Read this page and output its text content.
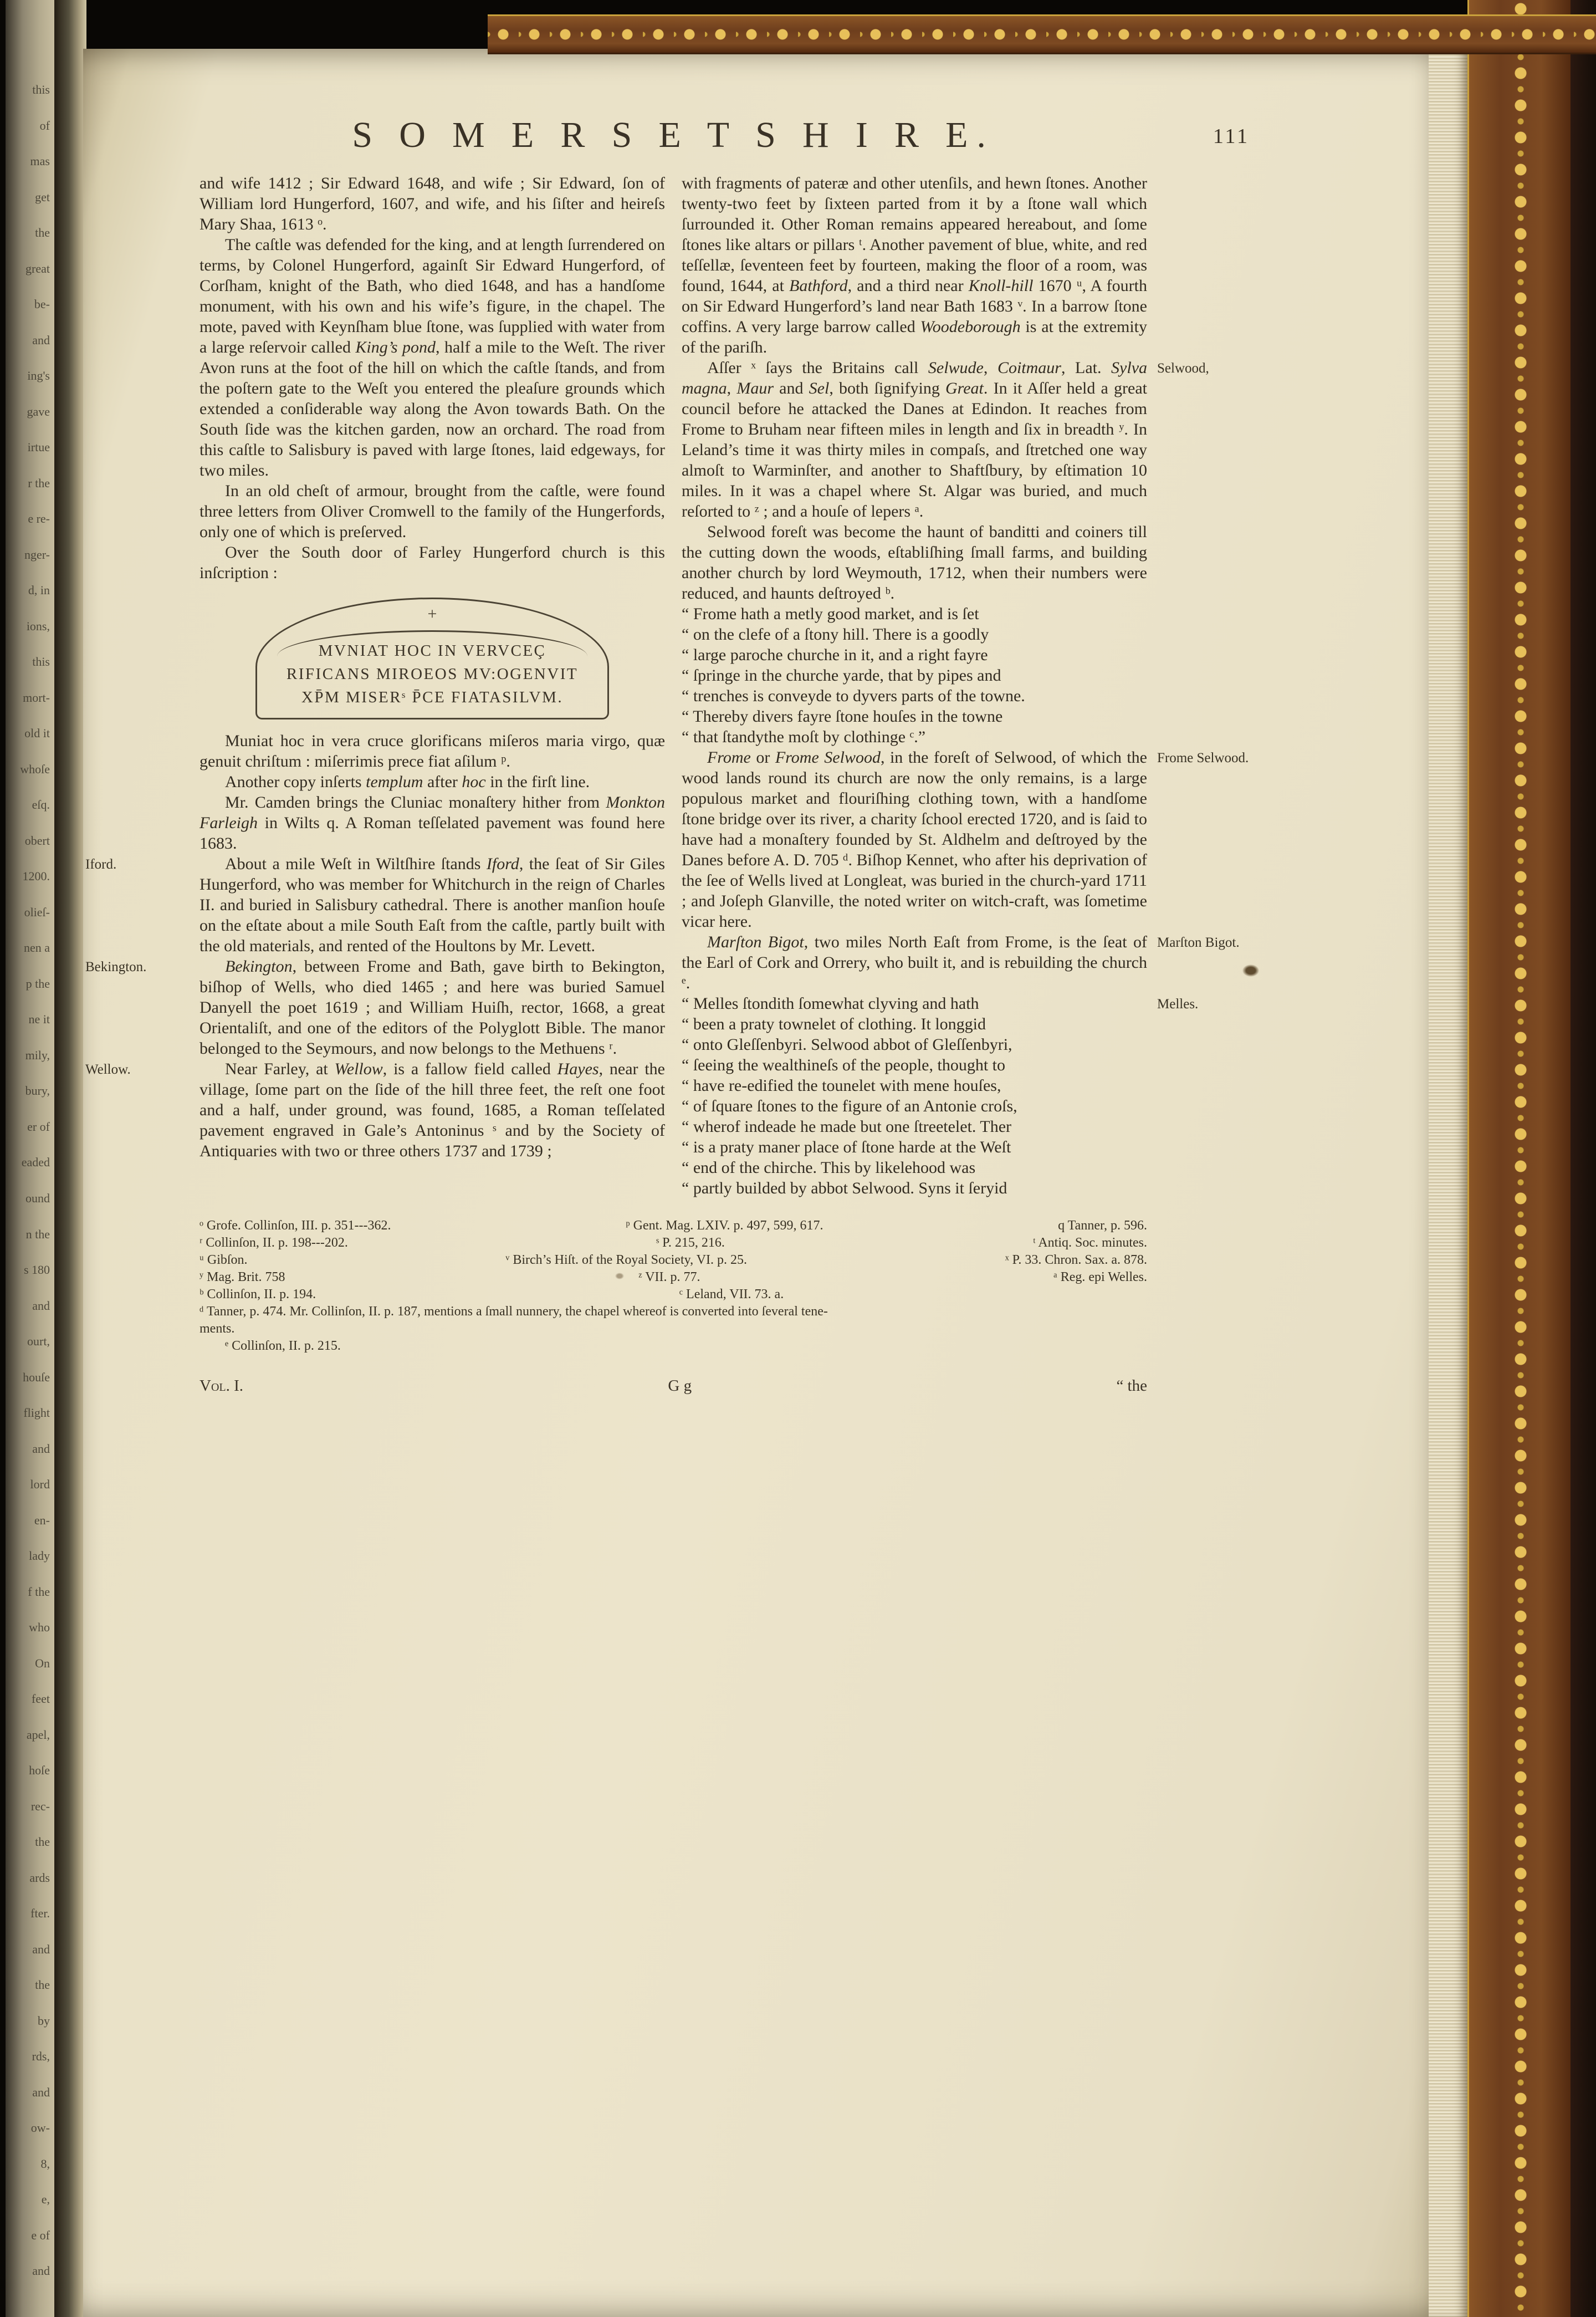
this
of
mas
get
the
great
be-
and
ing's
gave
irtue
r the
e re-
nger-
d, in
ions,
this
mort-
old it
whoſe
eſq.
obert
1200.
olieſ-
nen a
p the
ne it
mily,
bury,
er of
eaded
ound
n the
s 180
and
ourt,
houſe
flight
and
lord
en-
lady
f the
who
On
feet
apel,
hoſe
rec-
the
ards
fter.
and
the
by
rds,
and
ow-
8,
e,
e of
and
S O M E R S E T S H I R E.	111

and wife 1412 ; Sir Edward 1648, and wife ; Sir Edward, ſon of William lord Hungerford, 1607, and wife, and his ſiſter and heireſs Mary Shaa, 1613 ᵒ.

The caſtle was defended for the king, and at length ſurrendered on terms, by Colonel Hungerford, againſt Sir Edward Hungerford, of Corſham, knight of the Bath, who died 1648, and has a handſome monument, with his own and his wife’s figure, in the chapel. The mote, paved with Keynſham blue ſtone, was ſupplied with water from a large reſervoir called King’s pond, half a mile to the Weſt. The river Avon runs at the foot of the hill on which the caſtle ſtands, and from the poſtern gate to the Weſt you entered the pleaſure grounds which extended a conſiderable way along the Avon towards Bath. On the South ſide was the kitchen garden, now an orchard. The road from this caſtle to Salisbury is paved with large ſtones, laid edgeways, for two miles.

In an old cheſt of armour, brought from the caſtle, were found three letters from Oliver Cromwell to the family of the Hungerfords, only one of which is preſerved.

Over the South door of Farley Hungerford church is this inſcription :

+
MVNIAT HOC IN VERVCEÇ
RIFICANS MIROEOS MV:OGENVIT
XP̄M MISERˢ P̄CE FIATASILVM.

Muniat hoc in vera cruce glorificans miſeros maria virgo, quæ genuit chriſtum : miſerrimis prece fiat aſilum ᵖ.

Another copy inſerts templum after hoc in the firſt line.

Mr. Camden brings the Cluniac monaſtery hither from Monkton Farleigh in Wilts q. A Roman teſſelated pavement was found here 1683.

Iford.	About a mile Weſt in Wiltſhire ſtands Iford, the ſeat of Sir Giles Hungerford, who was member for Whitchurch in the reign of Charles II. and buried in Salisbury cathedral. There is another manſion houſe on the eſtate about a mile South Eaſt from the caſtle, partly built with the old materials, and rented of the Houltons by Mr. Levett.

Bekington.	Bekington, between Frome and Bath, gave birth to Bekington, biſhop of Wells, who died 1465 ; and here was buried Samuel Danyell the poet 1619 ; and William Huiſh, rector, 1668, a great Orientaliſt, and one of the editors of the Polyglott Bible. The manor belonged to the Seymours, and now belongs to the Methuens ʳ.

Wellow.	Near Farley, at Wellow, is a fallow field called Hayes, near the village, ſome part on the ſide of the hill three feet, the reſt one foot and a half, under ground, was found, 1685, a Roman teſſelated pavement engraved in Gale’s Antoninus ˢ and by the Society of Antiquaries with two or three others 1737 and 1739 ;

with fragments of pateræ and other utenſils, and hewn ſtones. Another twenty-two feet by ſixteen parted from it by a ſtone wall which ſurrounded it. Other Roman remains appeared hereabout, and ſome ſtones like altars or pillars ᵗ. Another pavement of blue, white, and red teſſellæ, ſeventeen feet by fourteen, making the floor of a room, was found, 1644, at Bathford, and a third near Knoll-hill 1670 ᵘ, A fourth on Sir Edward Hungerford’s land near Bath 1683 ᵛ. In a barrow ſtone coffins. A very large barrow called Woodeborough is at the extremity of the pariſh.

Selwood,

Aſſer ˣ ſays the Britains call Selwude, Coitmaur, Lat. Sylva magna, Maur and Sel, both ſignifying Great. In it Aſſer held a great council before he attacked the Danes at Edindon. It reaches from Frome to Bruham near fifteen miles in length and ſix in breadth ʸ. In Leland’s time it was thirty miles in compaſs, and ſtretched one way almoſt to Warminſter, and another to Shaftſbury, by eſtimation 10 miles. In it was a chapel where St. Algar was buried, and much reſorted to ᶻ ; and a houſe of lepers ᵃ.

Selwood foreſt was become the haunt of banditti and coiners till the cutting down the woods, eſtabliſhing ſmall farms, and building another church by lord Weymouth, 1712, when their numbers were reduced, and haunts deſtroyed ᵇ.

“ Frome hath a metly good market, and is ſet
“ on the clefe of a ſtony hill. There is a goodly
“ large paroche churche in it, and a right fayre
“ ſpringe in the churche yarde, that by pipes and
“ trenches is conveyde to dyvers parts of the towne.
“ Thereby divers fayre ſtone houſes in the towne
“ that ſtandythe moſt by clothinge ᶜ.”
Frome Selwood.

Frome or Frome Selwood, in the foreſt of Selwood, of which the wood lands round its church are now the only remains, is a large populous market and flouriſhing clothing town, with a handſome ſtone bridge over its river, a charity ſchool erected 1720, and is ſaid to have had a monaſtery founded by St. Aldhelm and deſtroyed by the Danes before A. D. 705 ᵈ. Biſhop Kennet, who after his deprivation of the ſee of Wells lived at Longleat, was buried in the church-yard 1711 ; and Joſeph Glanville, the noted writer on witch-craft, was ſometime vicar here.

Marſton Bigot.

Marſton Bigot, two miles North Eaſt from Frome, is the ſeat of the Earl of Cork and Orrery, who built it, and is rebuilding the church ᵉ.

Melles.
“ Melles ſtondith ſomewhat clyving and hath
“ been a praty townelet of clothing. It longgid
“ onto Gleſſenbyri. Selwood abbot of Gleſſenbyri,
“ ſeeing the wealthineſs of the people, thought to
“ have re-edified the tounelet with mene houſes,
“ of ſquare ſtones to the figure of an Antonie croſs,
“ wherof indeade he made but one ſtreetelet. Ther
“ is a praty maner place of ſtone harde at the Weſt
“ end of the chirche. This by likelehood was
“ partly builded by abbot Selwood. Syns it ſeryid
ᵒ Grofe. Collinſon, III. p. 351---362.	ᵖ Gent. Mag. LXIV. p. 497, 599, 617.	q Tanner, p. 596.
ʳ Collinſon, II. p. 198---202.	ˢ P. 215, 216.	ᵗ Antiq. Soc. minutes.
ᵘ Gibſon.	ᵛ Birch’s Hiſt. of the Royal Society, VI. p. 25.	ˣ P. 33. Chron. Sax. a. 878.
ʸ Mag. Brit. 758	ᶻ VII. p. 77.	ᵃ Reg. epi Welles.
ᵇ Collinſon, II. p. 194.	ᶜ Leland, VII. 73. a.

ᵈ Tanner, p. 474. Mr. Collinſon, II. p. 187, mentions a ſmall nunnery, the chapel whereof is converted into ſeveral tene-

ments.

ᵉ Collinſon, II. p. 215.

Vol. I.	G g	“ the
